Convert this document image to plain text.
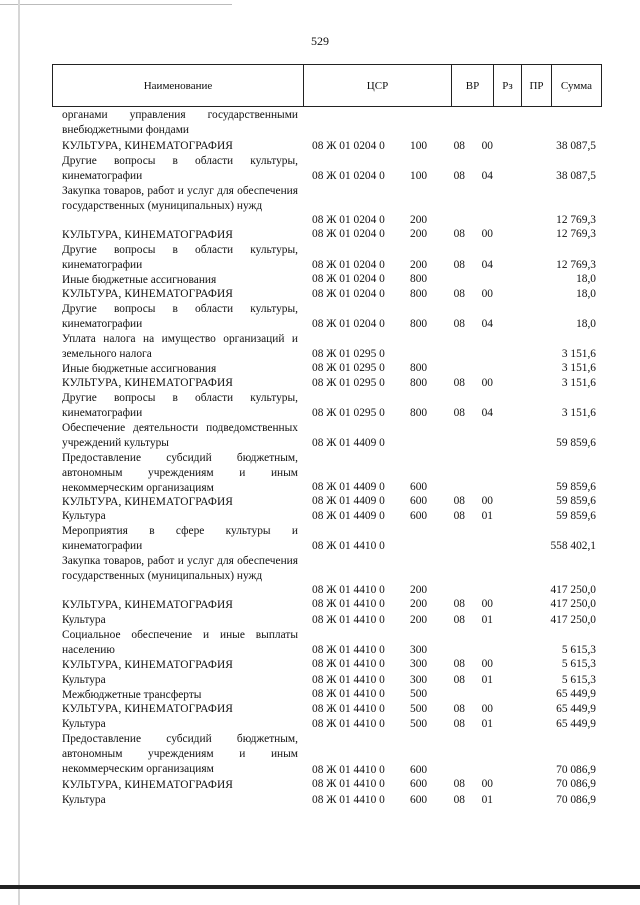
529
Наименование	ЦСР	ВР	Рз	ПР	Сумма
органами управления государственными внебюджетными фондами
КУЛЬТУРА, КИНЕМАТОГРАФИЯ	08 Ж 01 0204 0 100	08	00	38 087,5
Другие вопросы в области культуры, кинематографии	08 Ж 01 0204 0 100	08	04	38 087,5
Закупка товаров, работ и услуг для обеспечения государственных (муниципальных) нужд
08 Ж 01 0204 0 200	12 769,3
КУЛЬТУРА, КИНЕМАТОГРАФИЯ	08 Ж 01 0204 0 200	08	00	12 769,3
Другие вопросы в области культуры, кинематографии	08 Ж 01 0204 0 200	08	04	12 769,3
Иные бюджетные ассигнования	08 Ж 01 0204 0 800	18,0
КУЛЬТУРА, КИНЕМАТОГРАФИЯ	08 Ж 01 0204 0 800	08	00	18,0
Другие вопросы в области культуры, кинематографии	08 Ж 01 0204 0 800	08	04	18,0
Уплата налога на имущество организаций и земельного налога	08 Ж 01 0295 0	3 151,6
Иные бюджетные ассигнования	08 Ж 01 0295 0 800	3 151,6
КУЛЬТУРА, КИНЕМАТОГРАФИЯ	08 Ж 01 0295 0 800	08	00	3 151,6
Другие вопросы в области культуры, кинематографии	08 Ж 01 0295 0 800	08	04	3 151,6
Обеспечение деятельности подведомственных учреждений культуры	08 Ж 01 4409 0	59 859,6
Предоставление субсидий бюджетным, автономным учреждениям и иным некоммерческим организациям	08 Ж 01 4409 0 600	59 859,6
КУЛЬТУРА, КИНЕМАТОГРАФИЯ	08 Ж 01 4409 0 600	08	00	59 859,6
Культура	08 Ж 01 4409 0 600	08	01	59 859,6
Мероприятия в сфере культуры и кинематографии	08 Ж 01 4410 0	558 402,1
Закупка товаров, работ и услуг для обеспечения государственных (муниципальных) нужд
08 Ж 01 4410 0 200	417 250,0
КУЛЬТУРА, КИНЕМАТОГРАФИЯ	08 Ж 01 4410 0 200	08	00	417 250,0
Культура	08 Ж 01 4410 0 200	08	01	417 250,0
Социальное обеспечение и иные выплаты населению	08 Ж 01 4410 0 300	5 615,3
КУЛЬТУРА, КИНЕМАТОГРАФИЯ	08 Ж 01 4410 0 300	08	00	5 615,3
Культура	08 Ж 01 4410 0 300	08	01	5 615,3
Межбюджетные трансферты	08 Ж 01 4410 0 500	65 449,9
КУЛЬТУРА, КИНЕМАТОГРАФИЯ	08 Ж 01 4410 0 500	08	00	65 449,9
Культура	08 Ж 01 4410 0 500	08	01	65 449,9
Предоставление субсидий бюджетным, автономным учреждениям и иным некоммерческим организациям	08 Ж 01 4410 0 600	70 086,9
КУЛЬТУРА, КИНЕМАТОГРАФИЯ	08 Ж 01 4410 0 600	08	00	70 086,9
Культура	08 Ж 01 4410 0 600	08	01	70 086,9
